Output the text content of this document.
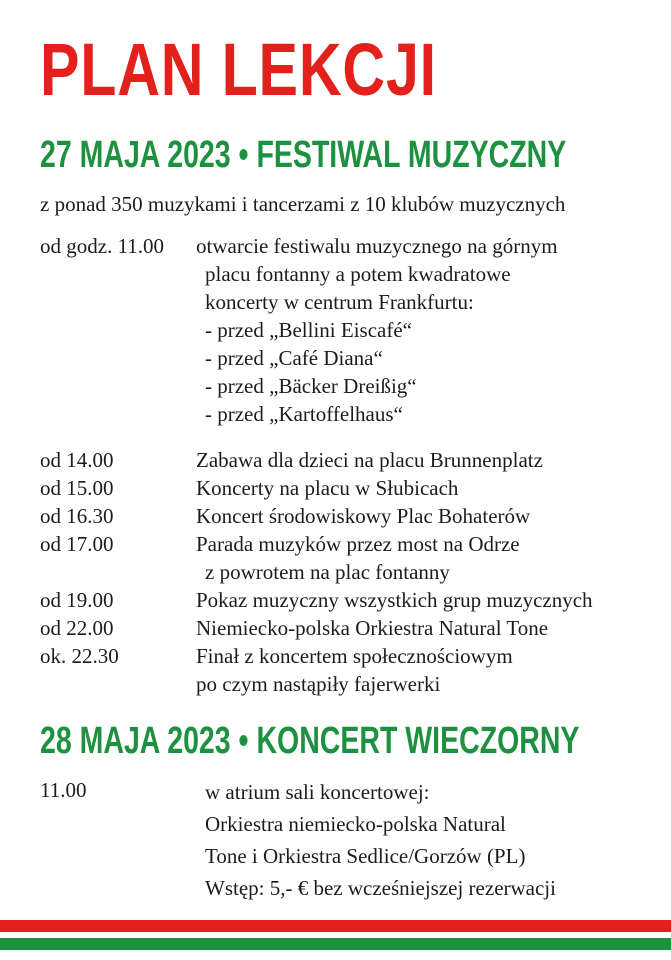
PLAN LEKCJI
27 MAJA 2023 • FESTIWAL MUZYCZNY
z ponad 350 muzykami i tancerzami z 10 klubów muzycznych
od godz. 11.00 otwarcie festiwalu muzycznego na górnym
placu fontanny a potem kwadratowe
koncerty w centrum Frankfurtu:
- przed „Bellini Eiscafé“
- przed „Café Diana“
- przed „Bäcker Dreißig“
- przed „Kartoffelhaus“
od 14.00	Zabawa dla dzieci na placu Brunnenplatz
od 15.00	Koncerty na placu w Słubicach
od 16.30	Koncert środowiskowy Plac Bohaterów
od 17.00	Parada muzyków przez most na Odrze
z powrotem na plac fontanny
od 19.00	Pokaz muzyczny wszystkich grup muzycznych
od 22.00	Niemiecko-polska Orkiestra Natural Tone
ok. 22.30	Finał z koncertem społecznościowym
po czym nastąpiły fajerwerki
28 MAJA 2023 • KONCERT WIECZORNY
11.00	w atrium sali koncertowej:
Orkiestra niemiecko-polska Natural
Tone i Orkiestra Sedlice/Gorzów (PL)
Wstęp: 5,- € bez wcześniejszej rezerwacji
